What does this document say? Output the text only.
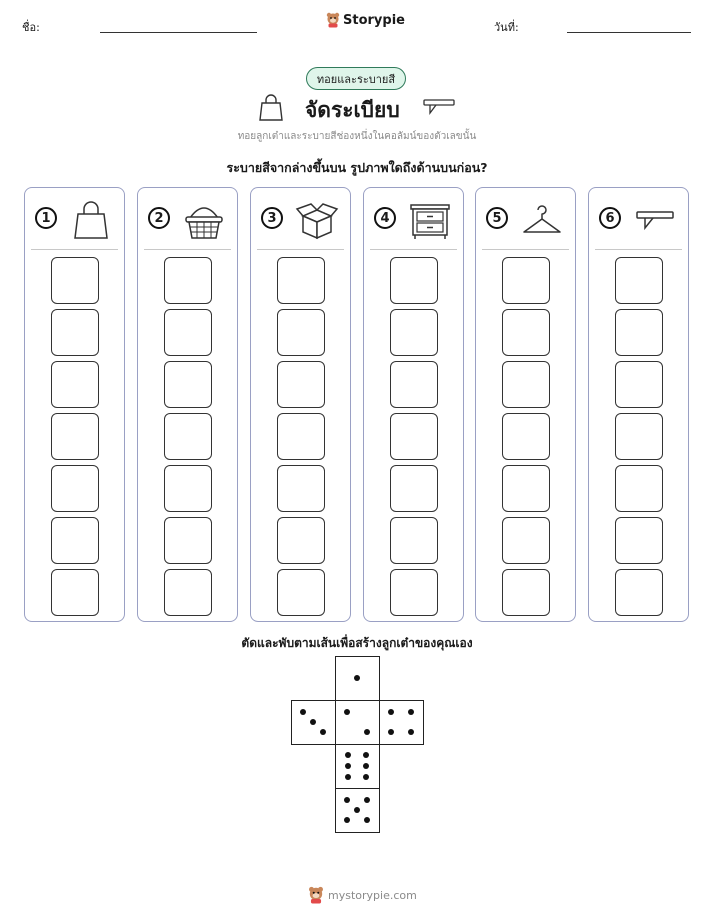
ชื่อ:	Storypie	วันที่:
ทอยและระบายสี
จัดระเบียบ
ทอยลูกเต๋าและระบายสีช่องหนึ่งในคอลัมน์ของตัวเลขนั้น
ระบายสีจากล่างขึ้นบน รูปภาพใดถึงด้านบนก่อน?
1	2	3	4	5	6
ตัดและพับตามเส้นเพื่อสร้างลูกเต๋าของคุณเอง
mystorypie.com
